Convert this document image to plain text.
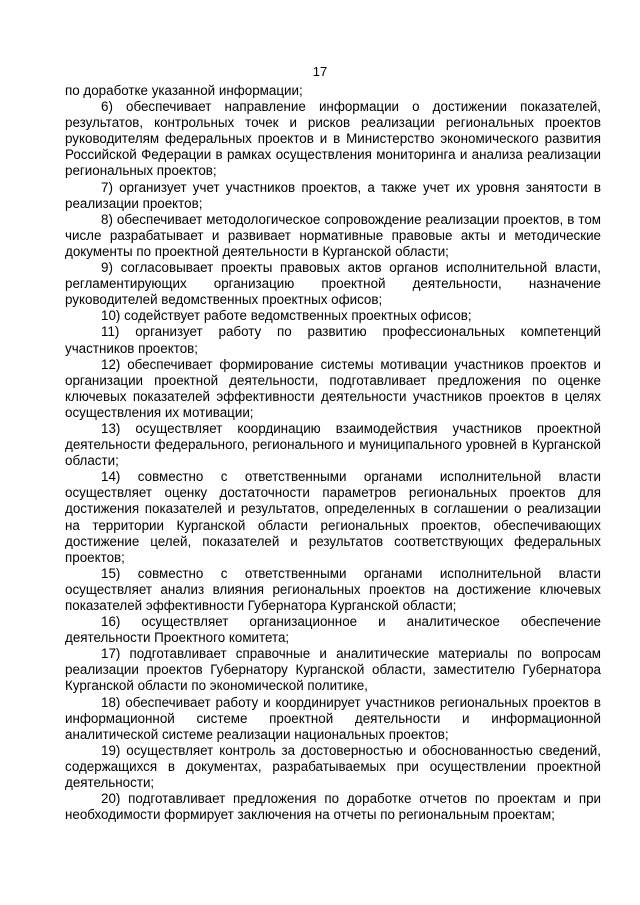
17

по доработке указанной информации;

6) обеспечивает направление информации о достижении показателей, результатов, контрольных точек и рисков реализации региональных проектов руководителям федеральных проектов и в Министерство экономического развития Российской Федерации в рамках осуществления мониторинга и анализа реализации региональных проектов;

7) организует учет участников проектов, а также учет их уровня занятости в реализации проектов;

8) обеспечивает методологическое сопровождение реализации проектов, в том числе разрабатывает и развивает нормативные правовые акты и методические документы по проектной деятельности в Курганской области;

9) согласовывает проекты правовых актов органов исполнительной власти, регламентирующих организацию проектной деятельности, назначение руководителей ведомственных проектных офисов;

10) содействует работе ведомственных проектных офисов;

11) организует работу по развитию профессиональных компетенций участников проектов;

12) обеспечивает формирование системы мотивации участников проектов и организации проектной деятельности, подготавливает предложения по оценке ключевых показателей эффективности деятельности участников проектов в целях осуществления их мотивации;

13) осуществляет координацию взаимодействия участников проектной деятельности федерального, регионального и муниципального уровней в Курганской области;

14) совместно с ответственными органами исполнительной власти осуществляет оценку достаточности параметров региональных проектов для достижения показателей и результатов, определенных в соглашении о реализации на территории Курганской области региональных проектов, обеспечивающих достижение целей, показателей и результатов соответствующих федеральных проектов;

15) совместно с ответственными органами исполнительной власти осуществляет анализ влияния региональных проектов на достижение ключевых показателей эффективности Губернатора Курганской области;

16) осуществляет организационное и аналитическое обеспечение деятельности Проектного комитета;

17) подготавливает справочные и аналитические материалы по вопросам реализации проектов Губернатору Курганской области, заместителю Губернатора Курганской области по экономической политике,

18) обеспечивает работу и координирует участников региональных проектов в информационной системе проектной деятельности и информационной аналитической системе реализации национальных проектов;

19) осуществляет контроль за достоверностью и обоснованностью сведений, содержащихся в документах, разрабатываемых при осуществлении проектной деятельности;

20) подготавливает предложения по доработке отчетов по проектам и при необходимости формирует заключения на отчеты по региональным проектам;
